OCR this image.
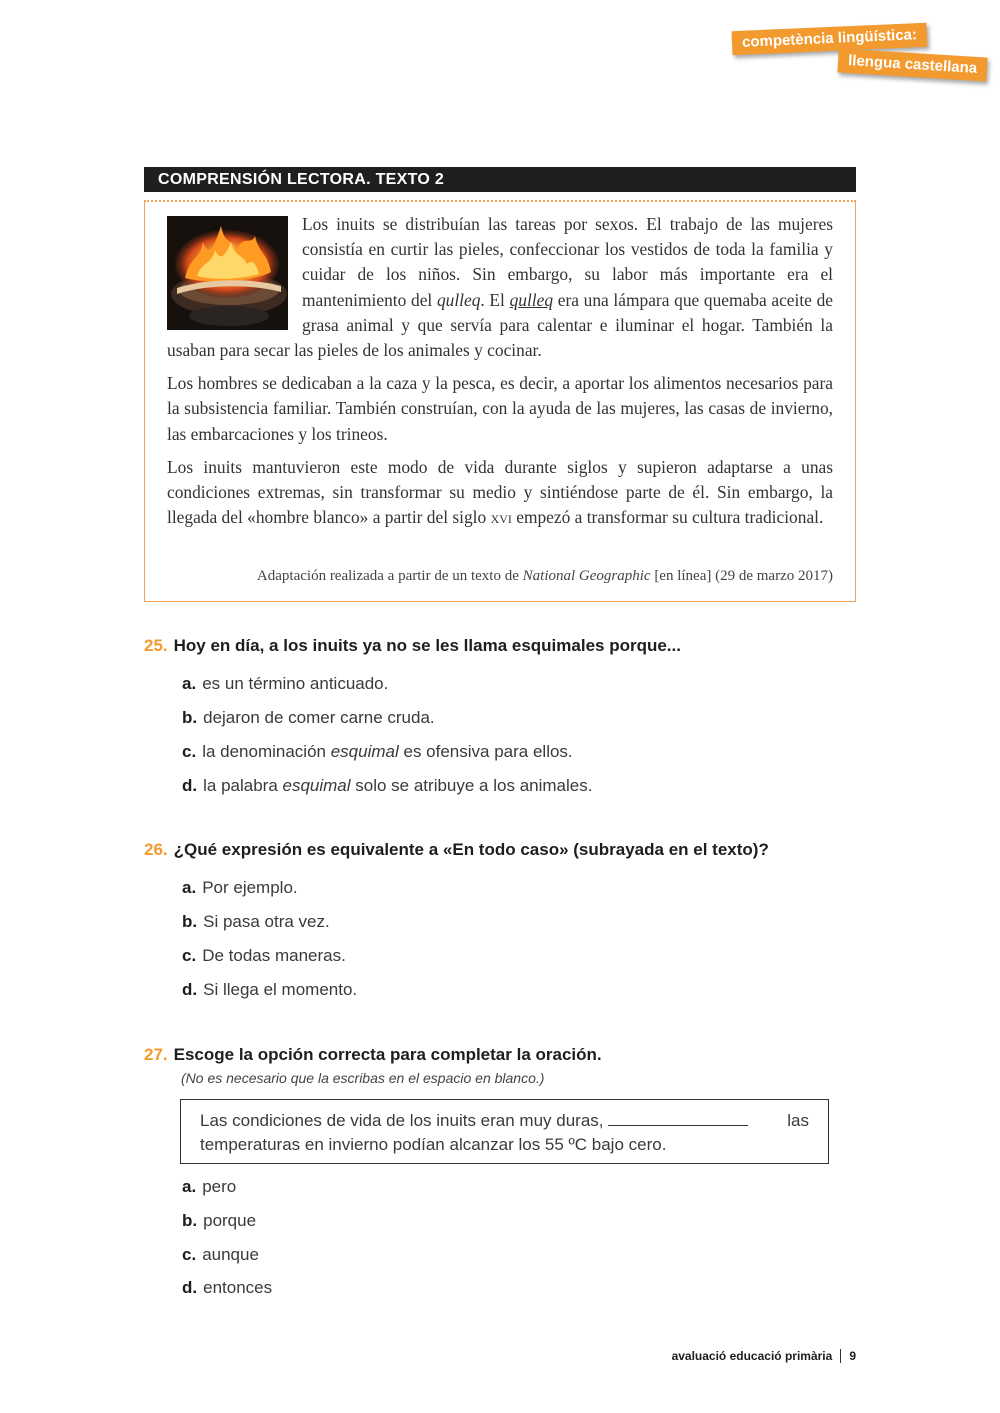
competència lingüística:
llengua castellana
COMPRENSIÓN LECTORA. TEXTO 2

Los inuits se distribuían las tareas por sexos. El trabajo de las mujeres consistía en curtir las pieles, confeccionar los vestidos de toda la familia y cuidar de los niños. Sin embargo, su labor más importante era el mantenimiento del qulleq. El qulleq era una lámpara que quemaba aceite de grasa animal y que servía para calentar e iluminar el hogar. También la usaban para secar las pieles de los animales y cocinar.

Los hombres se dedicaban a la caza y la pesca, es decir, a aportar los alimentos necesarios para la subsistencia familiar. También construían, con la ayuda de las mujeres, las casas de invierno, las embarcaciones y los trineos.

Los inuits mantuvieron este modo de vida durante siglos y supieron adaptarse a unas condiciones extremas, sin transformar su medio y sintiéndose parte de él. Sin embargo, la llegada del «hombre blanco» a partir del siglo xvi empezó a transformar su cultura tradicional.

Adaptación realizada a partir de un texto de National Geographic [en línea] (29 de marzo 2017)
25. Hoy en día, a los inuits ya no se les llama esquimales porque...
a. es un término anticuado.
b. dejaron de comer carne cruda.
c. la denominación esquimal es ofensiva para ellos.
d. la palabra esquimal solo se atribuye a los animales.
26. ¿Qué expresión es equivalente a «En todo caso» (subrayada en el texto)?
a. Por ejemplo.
b. Si pasa otra vez.
c. De todas maneras.
d. Si llega el momento.
27. Escoge la opción correcta para completar la oración.
(No es necesario que la escribas en el espacio en blanco.)
Las condiciones de vida de los inuits eran muy duras,	las
temperaturas en invierno podían alcanzar los 55 ºC bajo cero.
a. pero
b. porque
c. aunque
d. entonces
avaluació educació primària 9
